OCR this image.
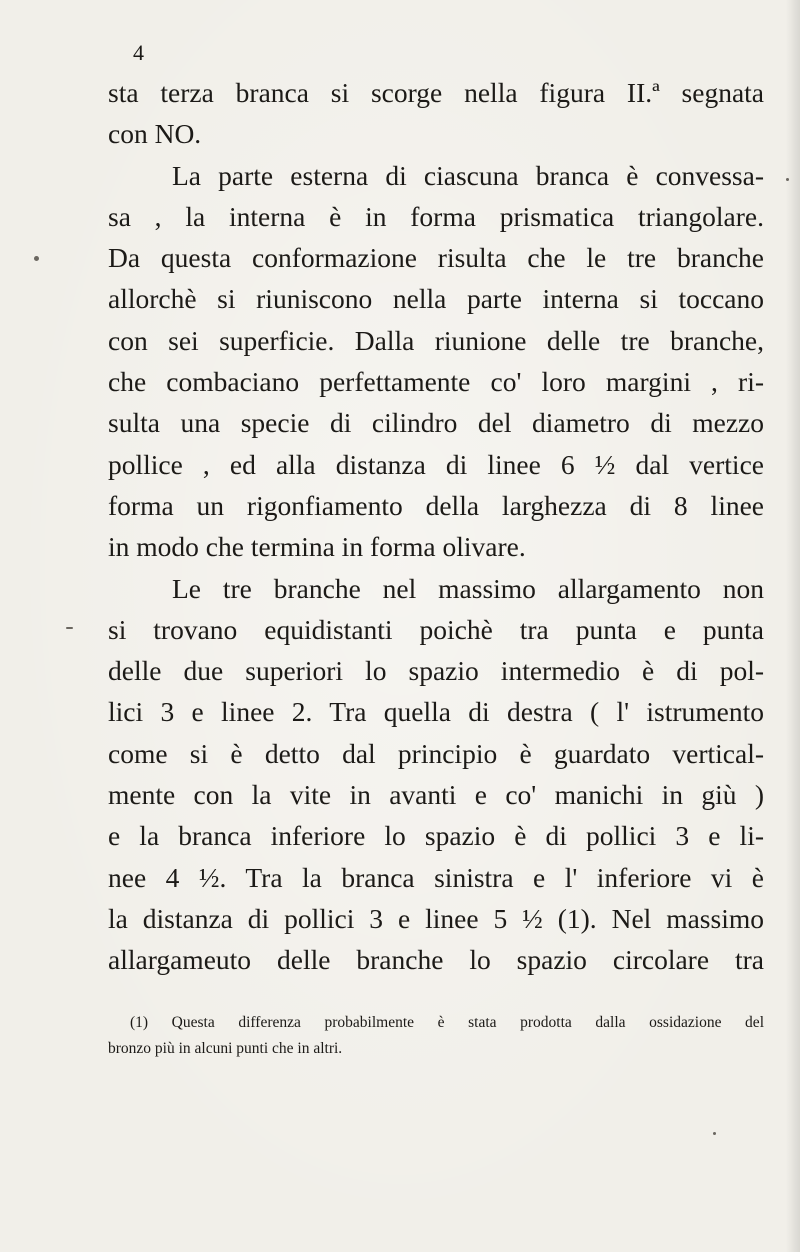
4
sta terza branca si scorge nella figura II.ª segnata
con NO.
La parte esterna di ciascuna branca è convessa-
sa , la interna è in forma prismatica triangolare.
Da questa conformazione risulta che le tre branche
allorchè si riuniscono nella parte interna si toccano
con sei superficie. Dalla riunione delle tre branche,
che combaciano perfettamente co' loro margini , ri-
sulta una specie di cilindro del diametro di mezzo
pollice , ed alla distanza di linee 6 ½ dal vertice
forma un rigonfiamento della larghezza di 8 linee
in modo che termina in forma olivare.
Le tre branche nel massimo allargamento non
si trovano equidistanti poichè tra punta e punta
delle due superiori lo spazio intermedio è di pol-
lici 3 e linee 2. Tra quella di destra ( l' istrumento
come si è detto dal principio è guardato vertical-
mente con la vite in avanti e co' manichi in giù )
e la branca inferiore lo spazio è di pollici 3 e li-
nee 4 ½. Tra la branca sinistra e l' inferiore vi è
la distanza di pollici 3 e linee 5 ½ (1). Nel massimo
allargameuto delle branche lo spazio circolare tra
(1) Questa differenza probabilmente è stata prodotta dalla ossidazione del
bronzo più in alcuni punti che in altri.
